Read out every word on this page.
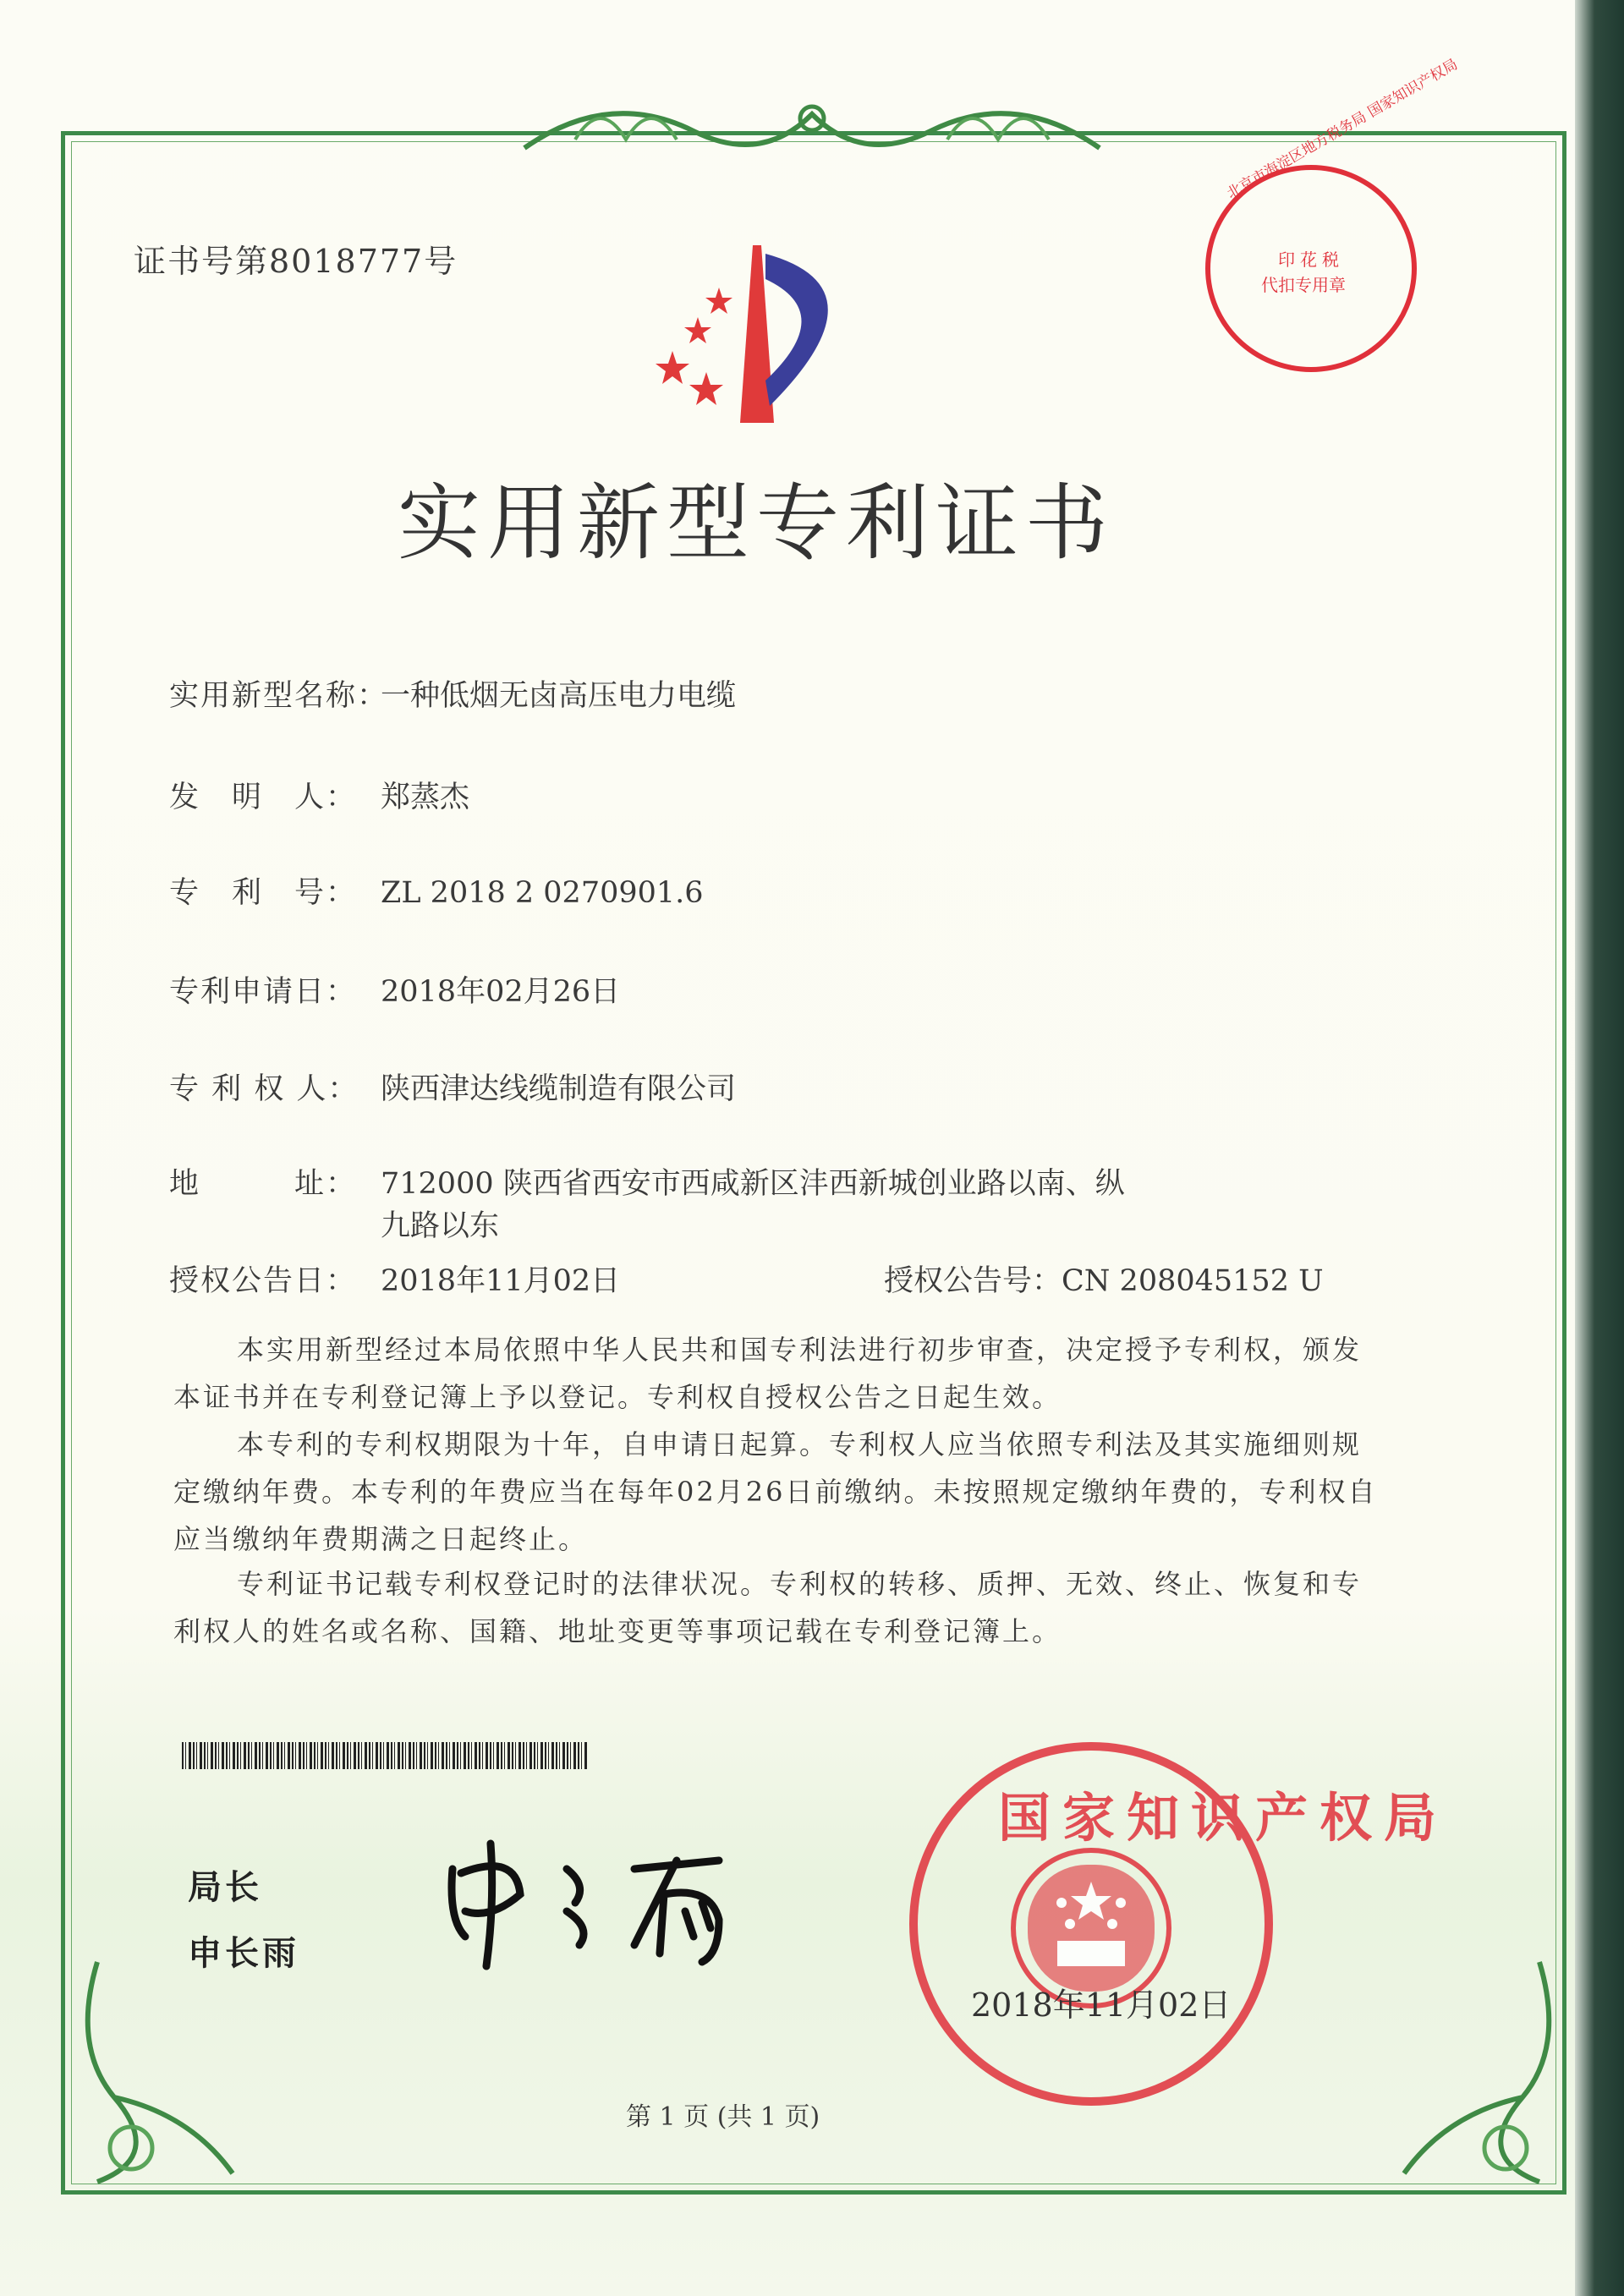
证书号第8018777号
实用新型专利证书
实用新型名称：一种低烟无卤高压电力电缆
发　明　人： 郑蒸杰
专　利　号： ZL 2018 2 0270901.6
专利申请日： 2018年02月26日
专 利 权 人： 陕西津达线缆制造有限公司
地　　　址： 712000 陕西省西安市西咸新区沣西新城创业路以南、纵
九路以东
授权公告日： 2018年11月02日	授权公告号：CN 208045152 U
本实用新型经过本局依照中华人民共和国专利法进行初步审查，决定授予专利权，颁发本证书并在专利登记簿上予以登记。专利权自授权公告之日起生效。
本专利的专利权期限为十年，自申请日起算。专利权人应当依照专利法及其实施细则规定缴纳年费。本专利的年费应当在每年02月26日前缴纳。未按照规定缴纳年费的，专利权自应当缴纳年费期满之日起终止。
专利证书记载专利权登记时的法律状况。专利权的转移、质押、无效、终止、恢复和专利权人的姓名或名称、国籍、地址变更等事项记载在专利登记簿上。
局长
申长雨
北京市海淀区地方税务局 国家知识产权局
印花税
代扣专用章
国家知识产权局
2018年11月02日
第 1 页 (共 1 页)
